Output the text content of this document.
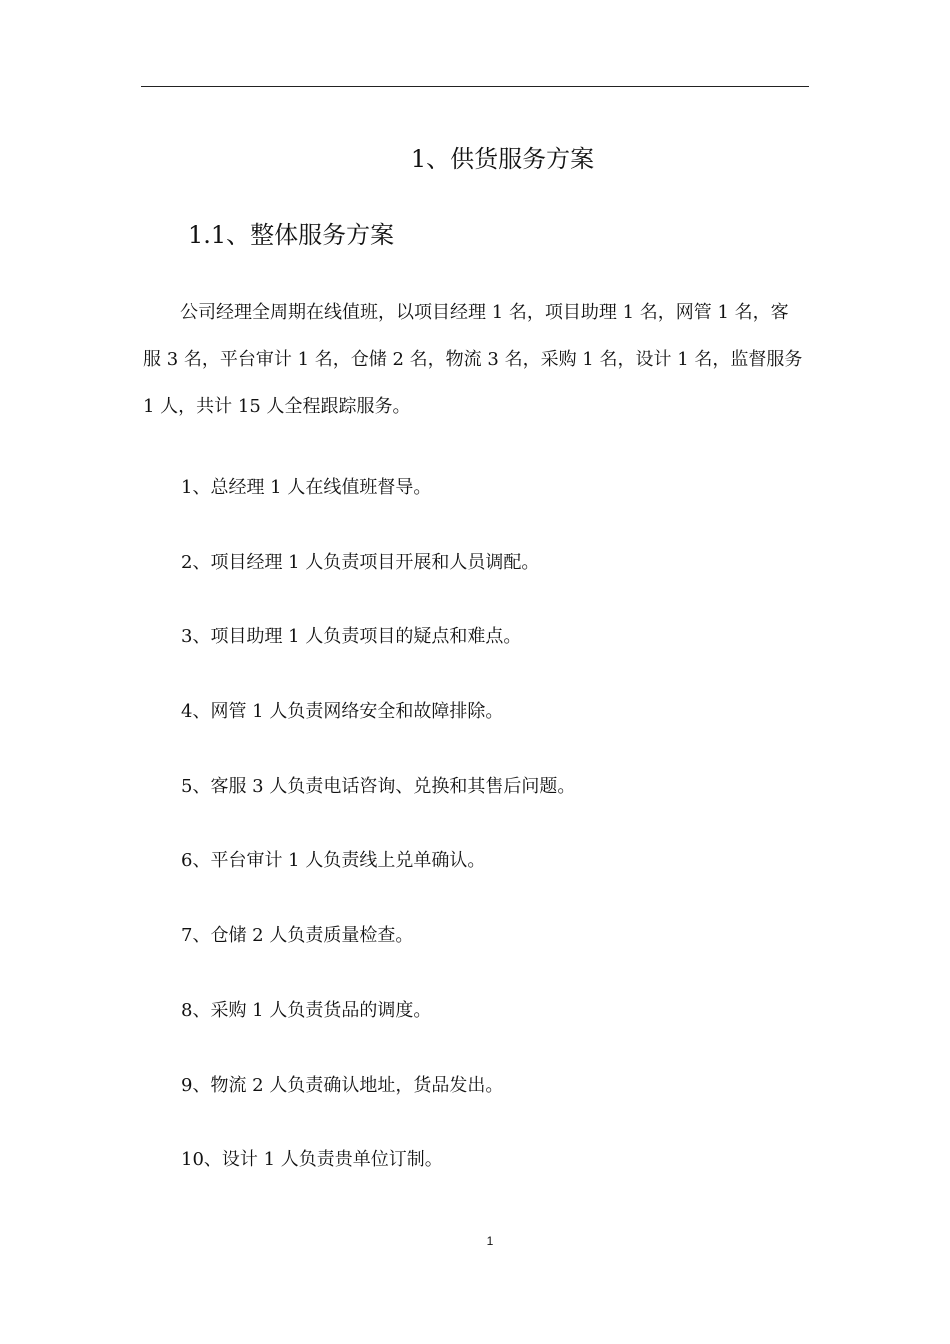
1、供货服务方案
1.1、整体服务方案

公司经理全周期在线值班，以项目经理 1 名，项目助理 1 名，网管 1 名，客
服 3 名，平台审计 1 名，仓储 2 名，物流 3 名，采购 1 名，设计 1 名，监督服务
1 人，共计 15 人全程跟踪服务。

1、总经理 1 人在线值班督导。
2、项目经理 1 人负责项目开展和人员调配。
3、项目助理 1 人负责项目的疑点和难点。
4、网管 1 人负责网络安全和故障排除。
5、客服 3 人负责电话咨询、兑换和其售后问题。
6、平台审计 1 人负责线上兑单确认。
7、仓储 2 人负责质量检查。
8、采购 1 人负责货品的调度。
9、物流 2 人负责确认地址，货品发出。
10、设计 1 人负责贵单位订制。
1
